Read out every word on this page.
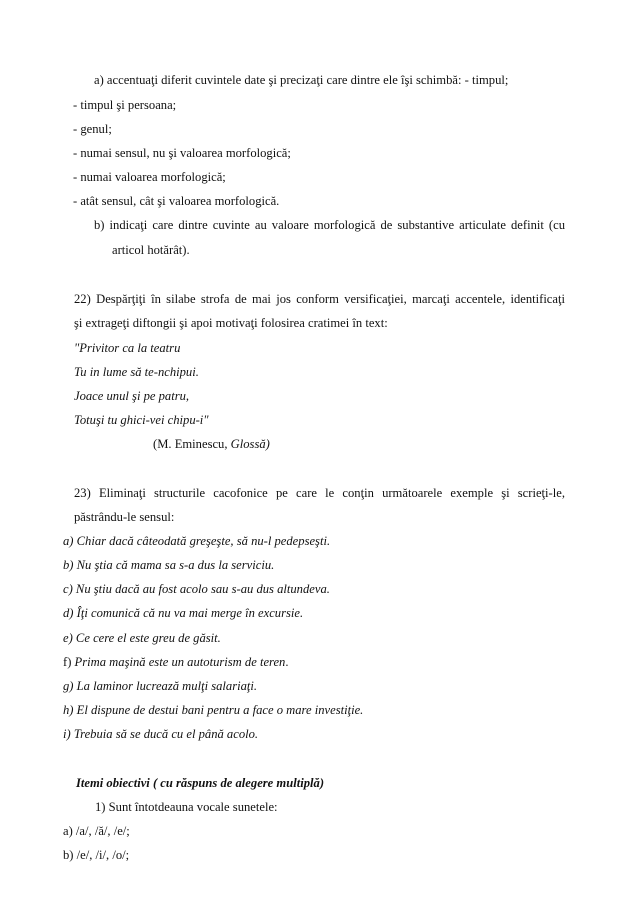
a) accentuaţi diferit cuvintele date şi precizaţi care dintre ele îşi schimbă: - timpul;
- timpul şi persoana;
- genul;
- numai sensul, nu şi valoarea morfologică;
- numai valoarea morfologică;
- atât sensul, cât şi valoarea morfologică.
b) indicaţi care dintre cuvinte au valoare morfologică de substantive articulate definit (cu
articol hotărât).
22) Despărţiţi în silabe strofa de mai jos conform versificaţiei, marcaţi accentele, identificaţi
şi extrageţi diftongii şi apoi motivaţi folosirea cratimei în text:
"Privitor ca la teatru
Tu in lume să te-nchipui.
Joace unul şi pe patru,
Totuşi tu ghici-vei chipu-i"
(M. Eminescu, Glossă)
23) Eliminaţi structurile cacofonice pe care le conţin următoarele exemple şi scrieţi-le,
păstrându-le sensul:
a) Chiar dacă câteodată greşeşte, să nu-l pedepseşti.
b) Nu ştia că mama sa s-a dus la serviciu.
c) Nu ştiu dacă au fost acolo sau s-au dus altundeva.
d) Îţi comunică că nu va mai merge în excursie.
e) Ce cere el este greu de găsit.
f) Prima maşină este un autoturism de teren.
g) La laminor lucrează mulţi salariaţi.
h) El dispune de destui bani pentru a face o mare investiţie.
i) Trebuia să se ducă cu el până acolo.
Itemi obiectivi ( cu răspuns de alegere multiplă)
1) Sunt întotdeauna vocale sunetele:
a) /a/, /ă/, /e/;
b) /e/, /i/, /o/;
